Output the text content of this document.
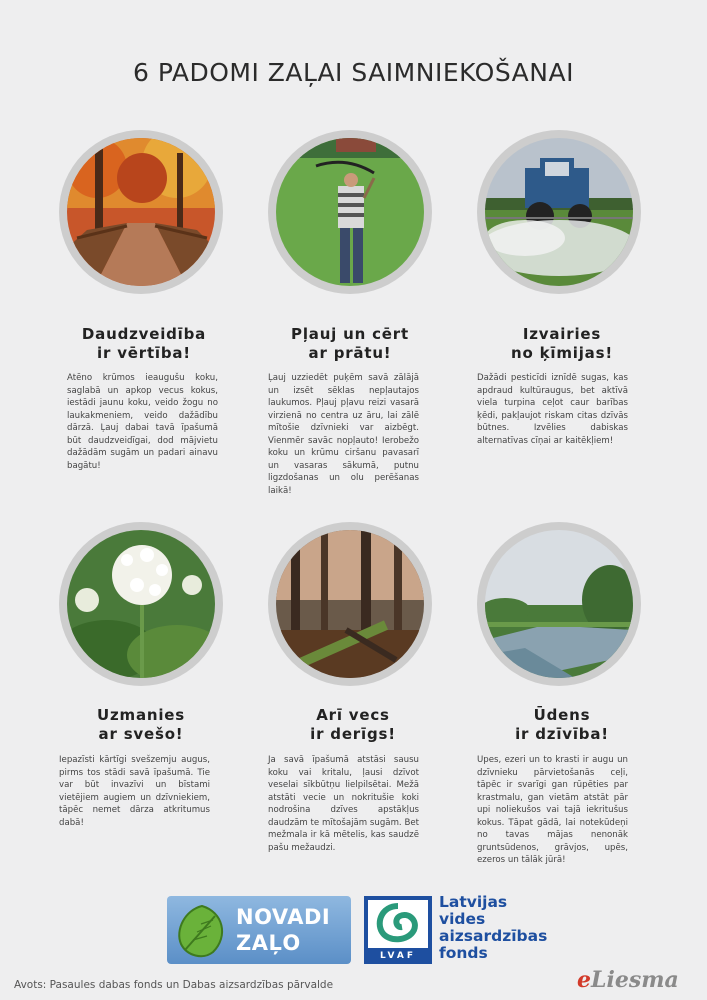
6 PADOMI ZAĻAI SAIMNIEKOŠANAI
Daudzveidība
ir vērtība!
Atēno krūmos ieaugušu koku, saglabā un apkop vecus kokus, iestādi jaunu koku, veido žogu no laukakmeniem, veido dažādību dārzā. Ļauj dabai tavā īpašumā būt daudzveidīgai, dod mājvietu dažādām sugām un padari ainavu bagātu!
Pļauj un cērt
ar prātu!
Ļauj uzziedēt puķēm savā zālājā un izsēt sēklas nepļautajos laukumos. Pļauj pļavu reizi vasarā virzienā no centra uz āru, lai zālē mītošie dzīvnieki var aizbēgt. Vienmēr savāc nopļauto! Ierobežo koku un krūmu ciršanu pavasarī un vasaras sākumā, putnu ligzdošanas un olu perēšanas laikā!
Izvairies
no ķīmijas!
Dažādi pesticīdi iznīdē sugas, kas apdraud kultūraugus, bet aktīvā viela turpina ceļot caur barības ķēdi, pakļaujot riskam citas dzīvās būtnes. Izvēlies dabiskas alternatīvas cīņai ar kaitēkļiem!
Uzmanies
ar svešo!
Iepazīsti kārtīgi svešzemju augus, pirms tos stādi savā īpašumā. Tie var būt invazīvi un bīstami vietējiem augiem un dzīvniekiem, tāpēc nemet dārza atkritumus dabā!
Arī vecs
ir derīgs!
Ja savā īpašumā atstāsi sausu koku vai kritalu, ļausi dzīvot veselai sīkbūtņu lielpilsētai. Mežā atstāti vecie un nokritušie koki nodrošina dzīves apstākļus daudzām te mītošajām sugām. Bet mežmala ir kā mētelis, kas saudzē pašu mežaudzi.
Ūdens
ir dzīvība!
Upes, ezeri un to krasti ir augu un dzīvnieku pārvietošanās ceļi, tāpēc ir svarīgi gan rūpēties par krastmalu, gan vietām atstāt pār upi noliekušos vai tajā iekritušus kokus. Tāpat gādā, lai notekūdeņi no tavas mājas nenonāk gruntsūdenos, grāvjos, upēs, ezeros un tālāk jūrā!
NOVADI
ZAĻO
LVAF
Latvijas
vides
aizsardzības
fonds
Avots: Pasaules dabas fonds un Dabas aizsardzības pārvalde	eLiesma
